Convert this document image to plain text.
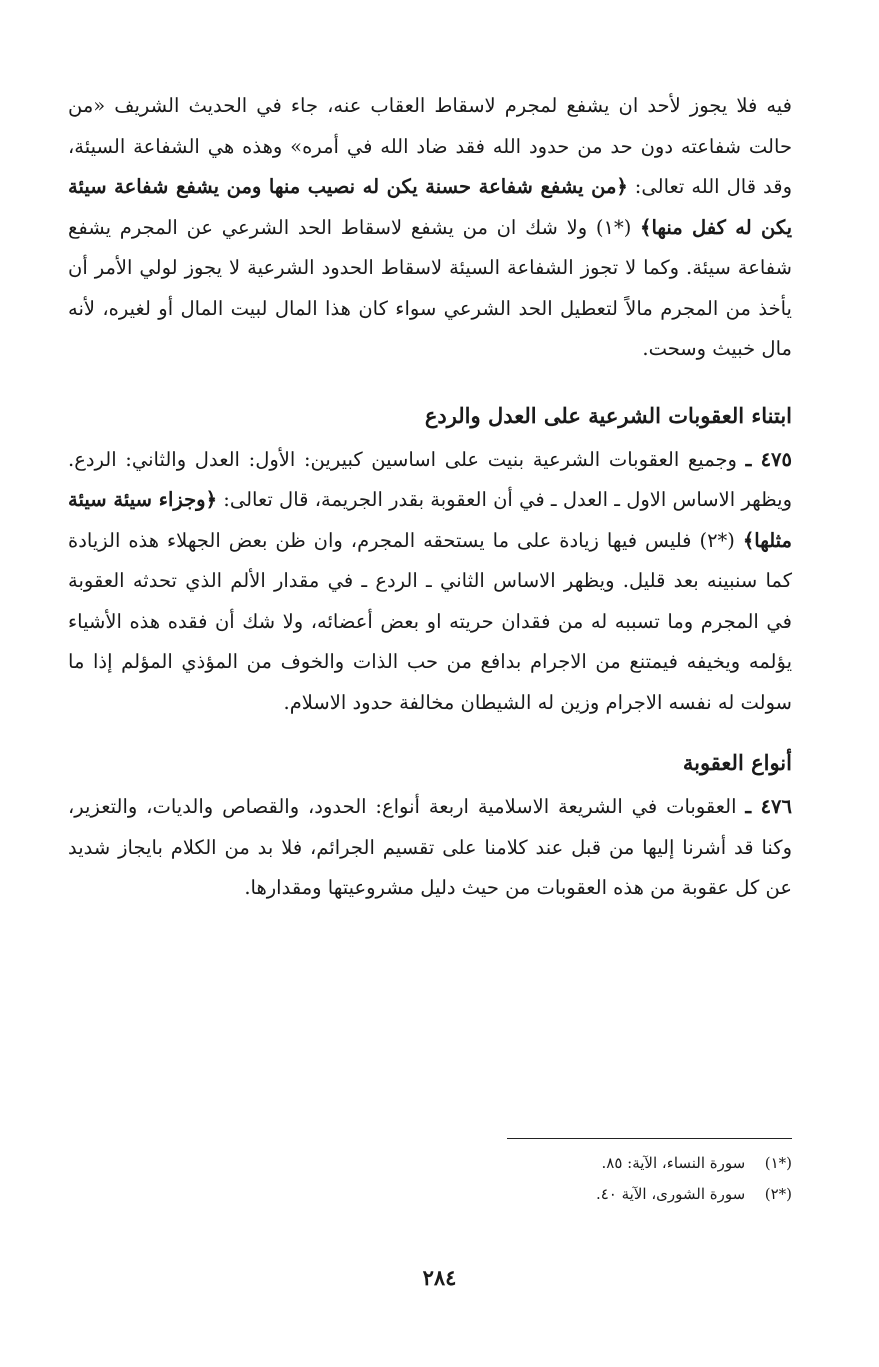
فيه فلا يجوز لأحد ان يشفع لمجرم لاسقاط العقاب عنه، جاء في الحديث الشريف «من حالت شفاعته دون حد من حدود الله فقد ضاد الله في أمره» وهذه هي الشفاعة السيئة، وقد قال الله تعالى: ﴿من يشفع شفاعة حسنة يكن له نصيب منها ومن يشفع شفاعة سيئة يكن له كفل منها﴾ (*١) ولا شك ان من يشفع لاسقاط الحد الشرعي عن المجرم يشفع شفاعة سيئة. وكما لا تجوز الشفاعة السيئة لاسقاط الحدود الشرعية لا يجوز لولي الأمر أن يأخذ من المجرم مالاً لتعطيل الحد الشرعي سواء كان هذا المال لبيت المال أو لغيره، لأنه مال خبيث وسحت.

ابتناء العقوبات الشرعية على العدل والردع

٤٧٥ ـ وجميع العقوبات الشرعية بنيت على اساسين كبيرين: الأول: العدل والثاني: الردع. ويظهر الاساس الاول ـ العدل ـ في أن العقوبة بقدر الجريمة، قال تعالى: ﴿وجزاء سيئة سيئة مثلها﴾ (*٢) فليس فيها زيادة على ما يستحقه المجرم، وان ظن بعض الجهلاء هذه الزيادة كما سنبينه بعد قليل. ويظهر الاساس الثاني ـ الردع ـ في مقدار الألم الذي تحدثه العقوبة في المجرم وما تسببه له من فقدان حريته او بعض أعضائه، ولا شك أن فقده هذه الأشياء يؤلمه ويخيفه فيمتنع من الاجرام بدافع من حب الذات والخوف من المؤذي المؤلم إذا ما سولت له نفسه الاجرام وزين له الشيطان مخالفة حدود الاسلام.

أنواع العقوبة

٤٧٦ ـ العقوبات في الشريعة الاسلامية اربعة أنواع: الحدود، والقصاص والديات، والتعزير، وكنا قد أشرنا إليها من قبل عند كلامنا على تقسيم الجرائم، فلا بد من الكلام بايجاز شديد عن كل عقوبة من هذه العقوبات من حيث دليل مشروعيتها ومقدارها.

(*١) سورة النساء، الآية: ٨٥.
(*٢) سورة الشورى، الآية ٤٠.
٢٨٤
